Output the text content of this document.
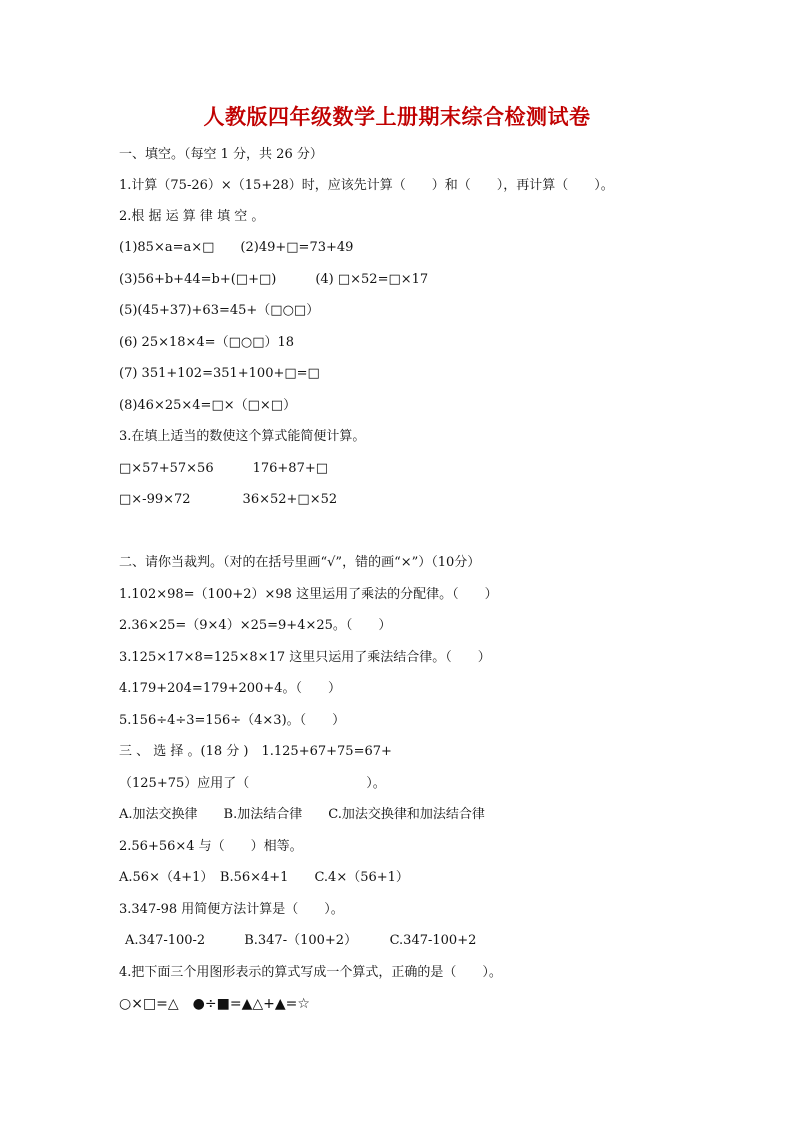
人教版四年级数学上册期末综合检测试卷
一、填空。（每空 1 分，共 26 分）
1.计算（75-26）×（15+28）时，应该先计算（　　）和（　　），再计算（　　）。
2.根 据 运 算 律 填 空 。
(1)85×a=a×□　　(2)49+□=73+49
(3)56+b+44=b+(□+□)　　　(4) □×52=□×17
(5)(45+37)+63=45+（□○□）
(6) 25×18×4=（□○□）18
(7) 351+102=351+100+□=□
(8)46×25×4=□×（□×□）
3.在填上适当的数使这个算式能简便计算。
□×57+57×56　　　176+87+□
□×-99×72　　　　36×52+□×52
二、请你当裁判。（对的在括号里画“√”，错的画“×”）（10分）
1.102×98=（100+2）×98 这里运用了乘法的分配律。（　　）
2.36×25=（9×4）×25=9+4×25。（　　）
3.125×17×8=125×8×17 这里只运用了乘法结合律。（　　）
4.179+204=179+200+4。（　　）
5.156÷4÷3=156÷（4×3)。（　　）
三 、 选 择 。(18 分 )　1.125+67+75=67+
（125+75）应用了（　　　　　　　　　）。
A.加法交换律　　B.加法结合律　　C.加法交换律和加法结合律
2.56+56×4 与（　　）相等。
A.56×（4+1）　B.56×4+1　　C.4×（56+1）
3.347-98 用简便方法计算是（　　）。
A.347-100-2　　　B.347-（100+2）　　　C.347-100+2
4.把下面三个用图形表示的算式写成一个算式，正确的是（　　）。
○×□=△　●÷■=▲△+▲=☆
